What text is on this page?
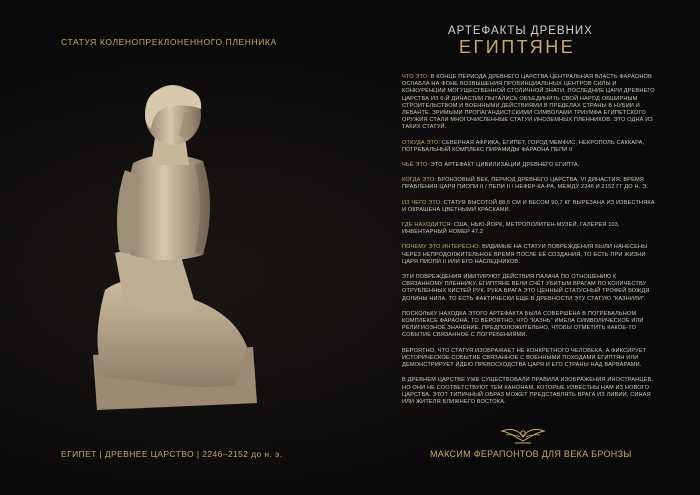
СТАТУЯ КОЛЕНОПРЕКЛОНЕННОГО ПЛЕННИКА
ЕГИПЕТ | ДРЕВНЕЕ ЦАРСТВО | 2246–2152 до н. э.
АРТЕФАКТЫ ДРЕВНИХ
ЕГИПТЯНЕ

ЧТО ЭТО: В КОНЦЕ ПЕРИОДА ДРЕВНЕГО ЦАРСТВА ЦЕНТРАЛЬНАЯ ВЛАСТЬ ФАРАОНОВ ОСЛАБЛА НА ФОНЕ ВОЗВЫШЕНИЯ ПРОВИНЦИАЛЬНЫХ ЦЕНТРОВ СИЛЫ И КОНКУРЕНЦИИ МОГУЩЕСТВЕННОЙ СТОЛИЧНОЙ ЗНАТИ. ПОСЛЕДНИЕ ЦАРИ ДРЕВНЕГО ЦАРСТВА ИЗ 6-Й ДИНАСТИИ ПЫТАЛИСЬ ОБЪЕДИНИТЬ СВОЙ НАРОД ОБШИРНЫМ СТРОИТЕЛЬСТВОМ И ВОЕННЫМИ ДЕЙСТВИЯМИ В ПРЕДЕЛАХ СТРАНЫ В НУБИИ И ЛЕВАНТЕ. ЗРИМЫМИ ПРОПАГАНДИСТСКИМИ СИМВОЛАМИ ТРИУМФА ЕГИПЕТСКОГО ОРУЖИЯ СТАЛИ МНОГОЧИСЛЕННЫЕ СТАТУИ ИНОЗЕМНЫХ ПЛЕННИКОВ. ЭТО ОДНА ИЗ ТАКИХ СТАТУЙ.

ОТКУДА ЭТО: СЕВЕРНАЯ АФРИКА, ЕГИПЕТ, ГОРОД МЕМФИС, НЕКРОПОЛЬ САККАРА, ПОГРЕБАЛЬНЫЙ КОМПЛЕКС ПИРАМИДЫ ФАРАОНА ПЕПИ II

ЧЬЁ ЭТО: ЭТО АРТЕФАКТ ЦИВИЛИЗАЦИИ ДРЕВНЕГО ЕГИПТА.

КОГДА ЭТО: БРОНЗОВЫЙ ВЕК, ПЕРИОД ДРЕВНЕГО ЦАРСТВА, VI ДИНАСТИЯ, ВРЕМЯ ПРАВЛЕНИЯ ЦАРЯ ПИОПИ II / ПЕПИ II / НЕФЕР-КА-РА, МЕЖДУ 2246 И 2152 ГГ ДО Н. Э.

ИЗ ЧЕГО ЭТО: СТАТУЯ ВЫСОТОЙ 88,5 СМ И ВЕСОМ 90,7 КГ ВЫРЕЗАНА ИЗ ИЗВЕСТНЯКА И ОКРАШЕНА ЦВЕТНЫМИ КРАСКАМИ.

ГДЕ НАХОДИТСЯ: США, НЬЮ-ЙОРК, МЕТРОПОЛИТЕН-МУЗЕЙ, ГАЛЕРЕЯ 103, ИНВЕНТАРНЫЙ НОМЕР 47.2

ПОЧЕМУ ЭТО ИНТЕРЕСНО: ВИДИМЫЕ НА СТАТУИ ПОВРЕЖДЕНИЯ БЫЛИ НАНЕСЕНЫ ЧЕРЕЗ НЕПРОДОЛЖИТЕЛЬНОЕ ВРЕМЯ ПОСЛЕ ЕЁ СОЗДАНИЯ, ТО ЕСТЬ ПРИ ЖИЗНИ ЦАРЯ ПИОПИ II ИЛИ ЕГО НАСЛЕДНИКОВ.

ЭТИ ПОВРЕЖДЕНИЯ ИМИТИРУЮТ ДЕЙСТВИЯ ПАЛАЧА ПО ОТНОШЕНИЮ К СВЯЗАННОМУ ПЛЕННИКУ. ЕГИПТЯНЕ ВЕЛИ СЧЁТ УБИТЫМ ВРАГАМ ПО КОЛИЧЕСТВУ ОТРУБЛЕННЫХ КИСТЕЙ РУК. РУКА ВРАГА ЭТО ЦЕННЫЙ СТАТУСНЫЙ ТРОФЕЙ ВОЖДЯ ДОЛИНЫ НИЛА. ТО ЕСТЬ ФАКТИЧЕСКИ ЕЩЕ В ДРЕВНОСТИ ЭТУ СТАТУЮ "КАЗНИЛИ".

ПОСКОЛЬКУ НАХОДКА ЭТОГО АРТЕФАКТА БЫЛА СОВЕРШЕНА В ПОГРЕБАЛЬНОМ КОМПЛЕКСЕ ФАРАОНА, ТО ВЕРОЯТНО, ЧТО "КАЗНЬ" ИМЕЛА СИМВОЛИЧЕСКОЕ ИЛИ РЕЛИГИОЗНОЕ ЗНАЧЕНИЕ. ПРЕДПОЛОЖИТЕЛЬНО, ЧТОБЫ ОТМЕТИТЬ КАКОЕ-ТО СОБЫТИЕ СВЯЗАННОЕ С ПОГРЕБЕНИЯМИ.

ВЕРОЯТНО, ЧТО СТАТУЯ ИЗОБРАЖАЕТ НЕ КОНКРЕТНОГО ЧЕЛОВЕКА, А ФИКСИРУЕТ ИСТОРИЧЕСКОЕ СОБЫТИЕ СВЯЗАННОЕ С ВОЕННЫМИ ПОХОДАМИ ЕГИПТЯН ИЛИ ДЕМОНСТРИРУЕТ ИДЕЮ ПРЕВОСХОДСТВА ЦАРЯ И ЕГО СТРАНЫ НАД ВАРВАРАМИ.

В ДРЕВНЕМ ЦАРСТВЕ УЖЕ СУЩЕСТВОВАЛИ ПРАВИЛА ИЗОБРАЖЕНИЯ ИНОСТРАНЦЕВ, НО ОНИ НЕ СООТВЕТСТВУЮТ ТЕМ КАНОНАМ, КОТОРЫЕ ИЗВЕСТНЫ НАМ ИЗ НОВОГО ЦАРСТВА. ЭТОТ ТИПИЧНЫЙ ОБРАЗ МОЖЕТ ПРЕДСТАВЛЯТЬ ВРАГА ИЗ ЛИВИИ, СИНАЯ ИЛИ ЖИТЕЛЯ БЛИЖНЕГО ВОСТОКА.

МАКСИМ ФЕРАПОНТОВ ДЛЯ ВЕКА БРОНЗЫ
